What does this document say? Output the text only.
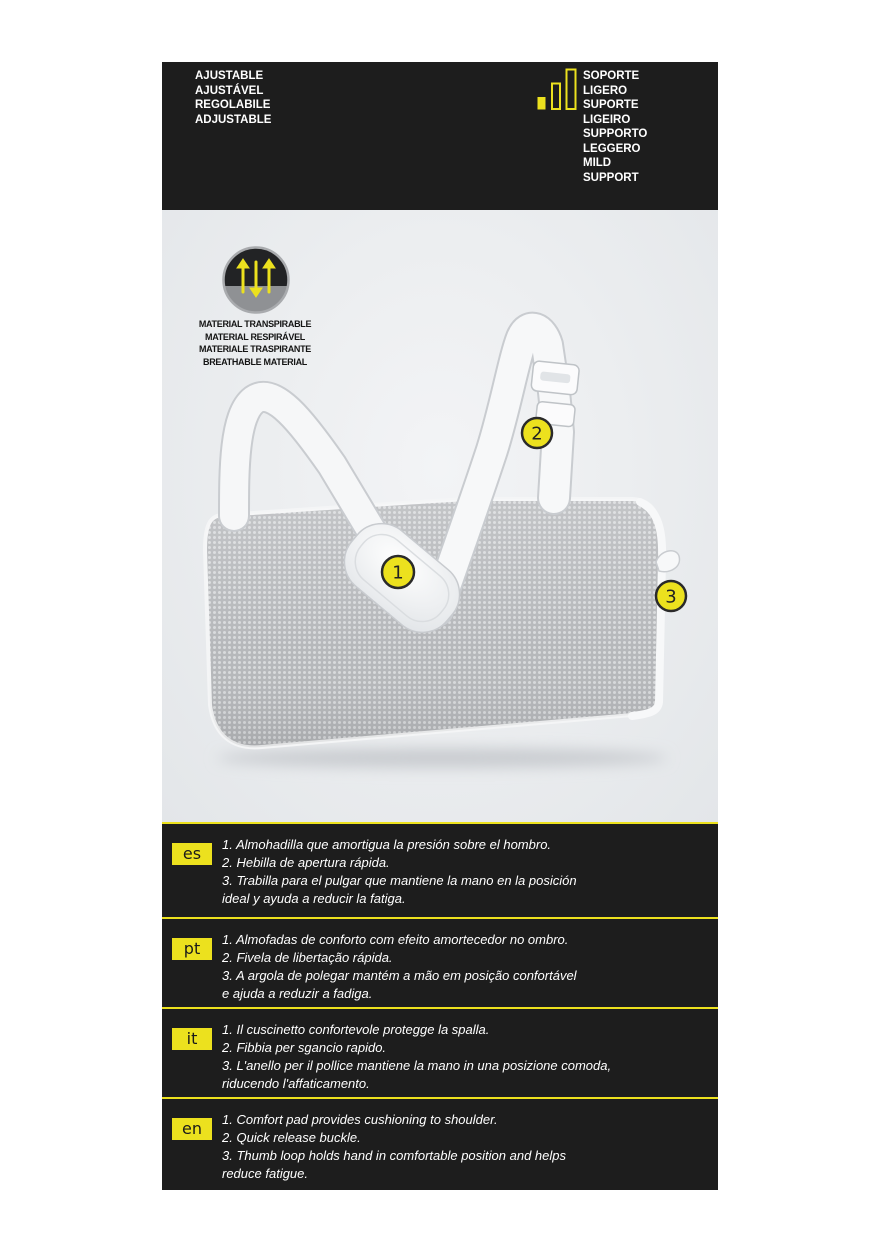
AJUSTABLE
AJUSTÁVEL
REGOLABILE
ADJUSTABLE
SOPORTE
LIGERO
SUPORTE
LIGEIRO
SUPPORTO
LEGGERO
MILD
SUPPORT
1
2
3
MATERIAL TRANSPIRABLE
MATERIAL RESPIRÁVEL
MATERIALE TRASPIRANTE
BREATHABLE MATERIAL
es	1. Almohadilla que amortigua la presión sobre el hombro.
2. Hebilla de apertura rápida.
3. Trabilla para el pulgar que mantiene la mano en la posición
ideal y ayuda a reducir la fatiga.
pt	1. Almofadas de conforto com efeito amortecedor no ombro.
2. Fivela de libertação rápida.
3. A argola de polegar mantém a mão em posição confortável
e ajuda a reduzir a fadiga.
it	1. Il cuscinetto confortevole protegge la spalla.
2. Fibbia per sgancio rapido.
3. L'anello per il pollice mantiene la mano in una posizione comoda,
riducendo l'affaticamento.
en	1. Comfort pad provides cushioning to shoulder.
2. Quick release buckle.
3. Thumb loop holds hand in comfortable position and helps
reduce fatigue.
